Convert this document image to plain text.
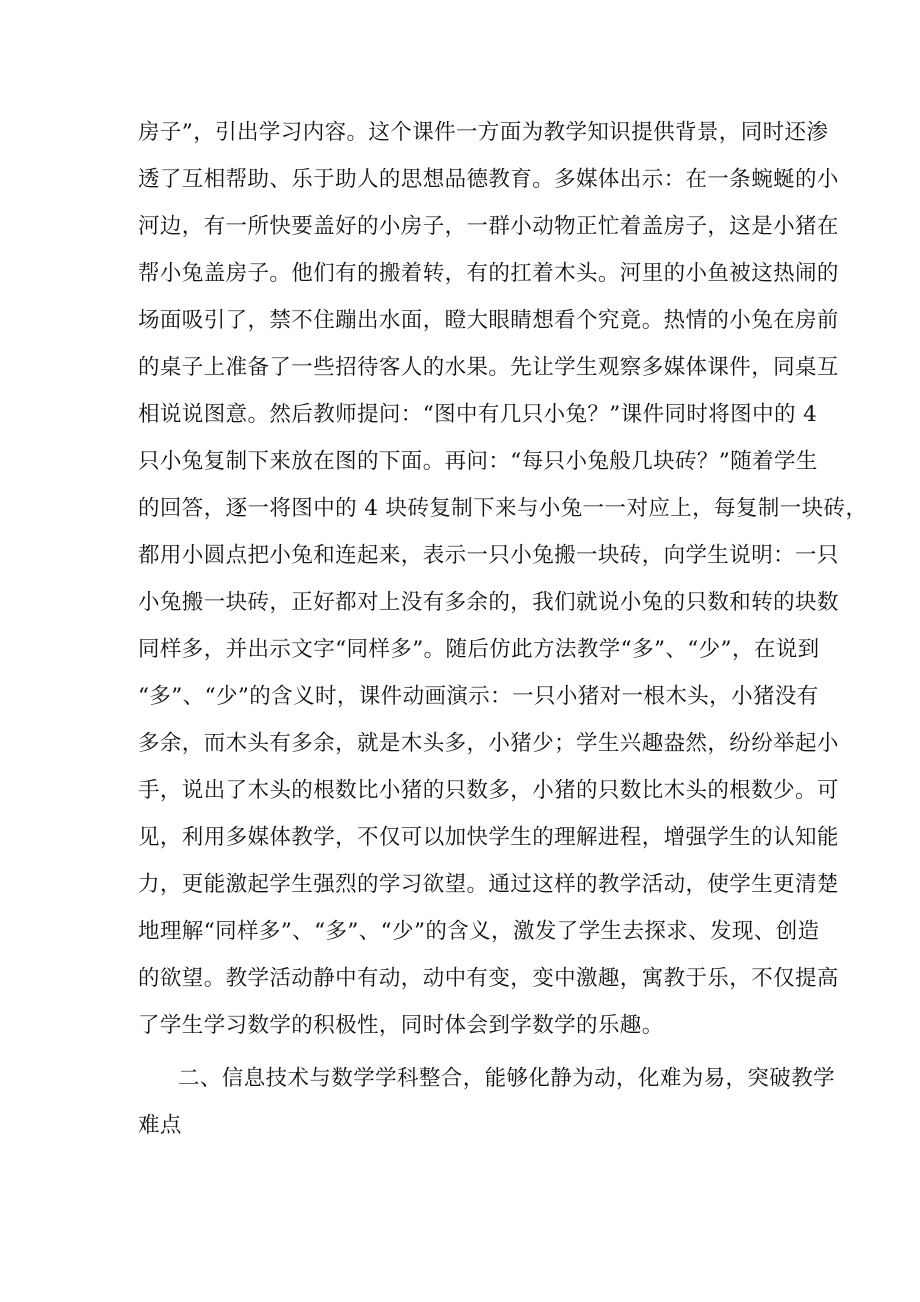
房子”，引出学习内容。这个课件一方面为教学知识提供背景，同时还渗
透了互相帮助、乐于助人的思想品德教育。多媒体出示：在一条蜿蜒的小
河边，有一所快要盖好的小房子，一群小动物正忙着盖房子，这是小猪在
帮小兔盖房子。他们有的搬着转，有的扛着木头。河里的小鱼被这热闹的
场面吸引了，禁不住蹦出水面，瞪大眼睛想看个究竟。热情的小兔在房前
的桌子上准备了一些招待客人的水果。先让学生观察多媒体课件，同桌互
相说说图意。然后教师提问：“图中有几只小兔？”课件同时将图中的 4
只小兔复制下来放在图的下面。再问：“每只小兔般几块砖？”随着学生
的回答，逐一将图中的 4 块砖复制下来与小兔一一对应上，每复制一块砖，
都用小圆点把小兔和连起来，表示一只小兔搬一块砖，向学生说明：一只
小兔搬一块砖，正好都对上没有多余的，我们就说小兔的只数和转的块数
同样多，并出示文字“同样多”。随后仿此方法教学“多”、“少”，在说到
“多”、“少”的含义时，课件动画演示：一只小猪对一根木头，小猪没有
多余，而木头有多余，就是木头多，小猪少；学生兴趣盎然，纷纷举起小
手，说出了木头的根数比小猪的只数多，小猪的只数比木头的根数少。可
见，利用多媒体教学，不仅可以加快学生的理解进程，增强学生的认知能
力，更能激起学生强烈的学习欲望。通过这样的教学活动，使学生更清楚
地理解“同样多”、“多”、“少”的含义，激发了学生去探求、发现、创造
的欲望。教学活动静中有动，动中有变，变中激趣，寓教于乐，不仅提高
了学生学习数学的积极性，同时体会到学数学的乐趣。
二、信息技术与数学学科整合，能够化静为动，化难为易，突破教学
难点
